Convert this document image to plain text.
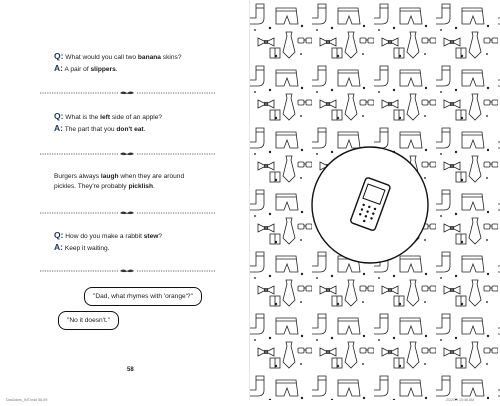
Q: What would you call two banana skins?
A: A pair of slippers.
Q: What is the left side of an apple?
A: The part that you don't eat.
Burgers always laugh when they are around
pickles. They're probably picklish.
Q: How do you make a rabbit stew?
A: Keep it waiting.
"Dad, what rhymes with 'orange'?"
"No it doesn't."
58
DadJokes_INT.indd 58-59	2/22/19 10:46 AM
